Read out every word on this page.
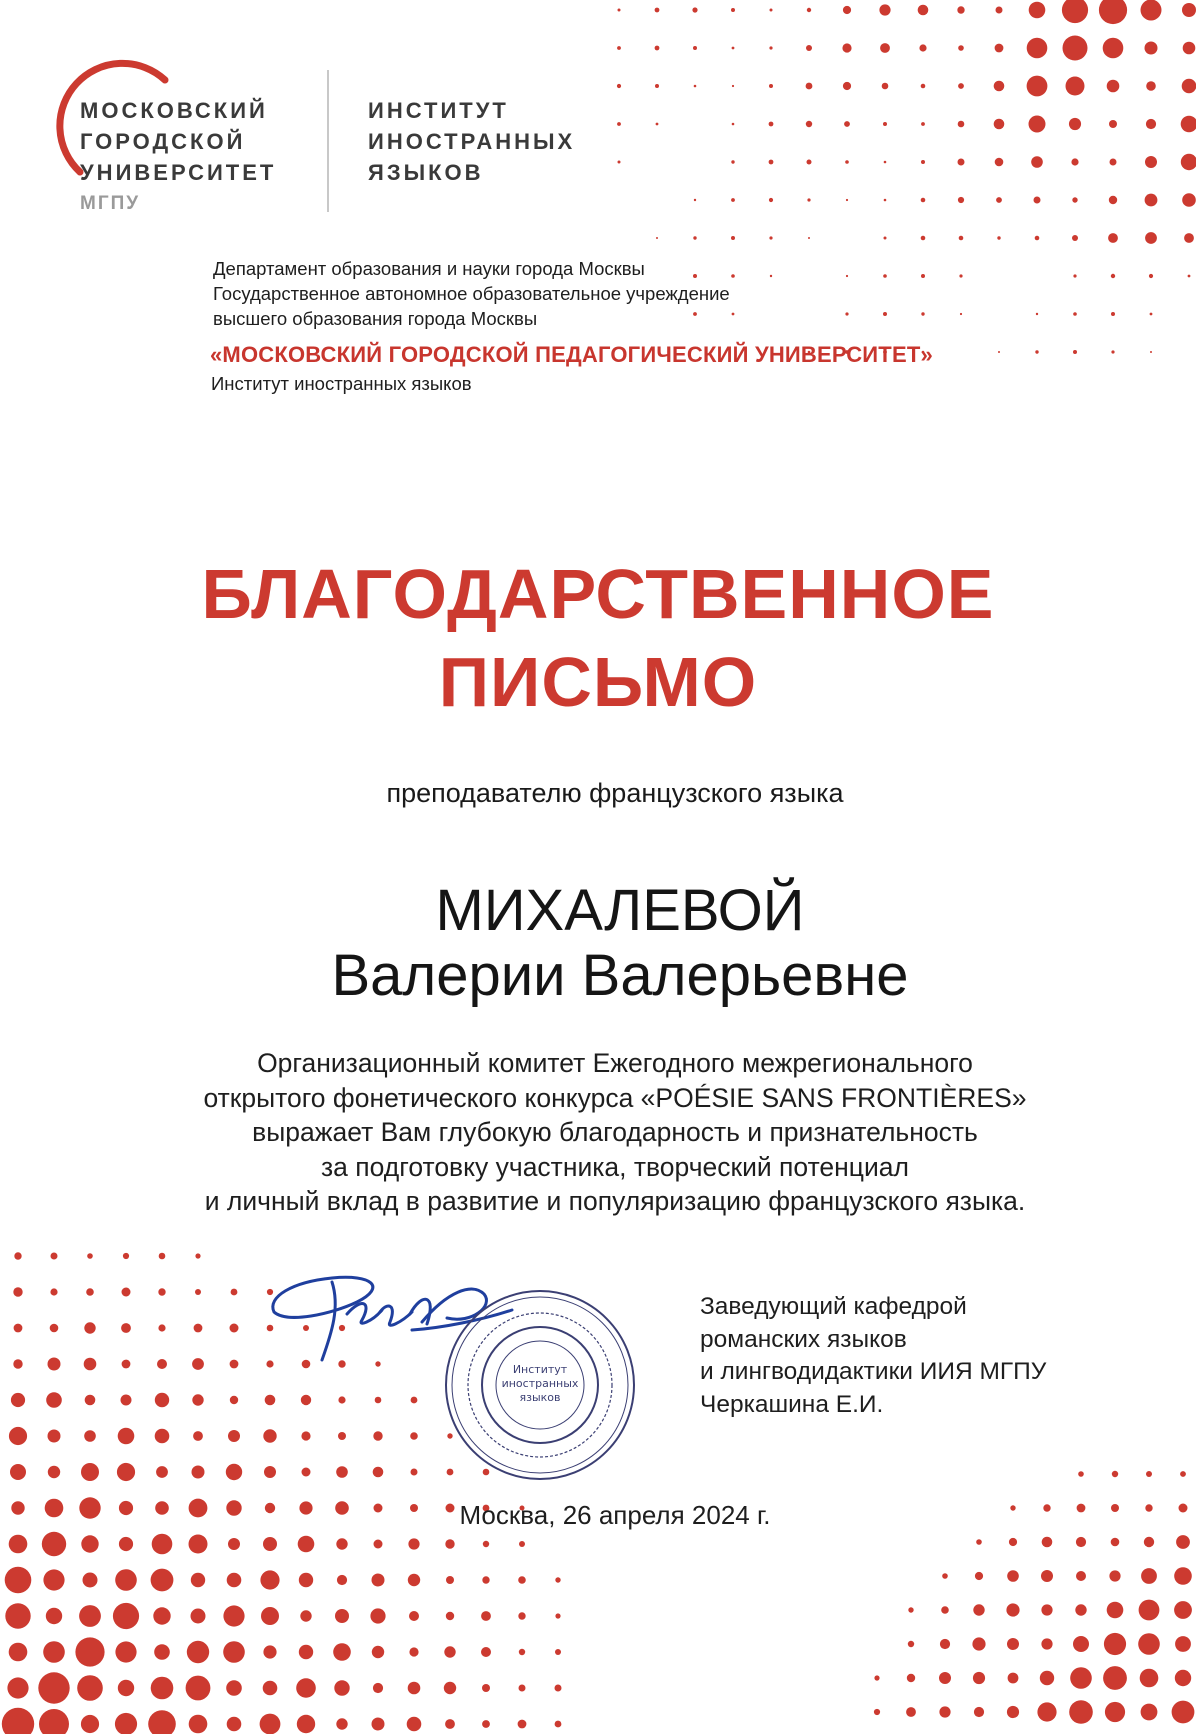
МОСКОВСКИЙ
ГОРОДСКОЙ
УНИВЕРСИТЕТ
МГПУ
ИНСТИТУТ
ИНОСТРАННЫХ
ЯЗЫКОВ
Департамент образования и науки города Москвы
Государственное автономное образовательное учреждение
высшего образования города Москвы
«МОСКОВСКИЙ ГОРОДСКОЙ ПЕДАГОГИЧЕСКИЙ УНИВЕРСИТЕТ»
Институт иностранных языков
БЛАГОДАРСТВЕННОЕ
ПИСЬМО
преподавателю французского языка
МИХАЛЕВОЙ
Валерии Валерьевне
Организационный комитет Ежегодного межрегионального
открытого фонетического конкурса «POÉSIE SANS FRONTIÈRES»
выражает Вам глубокую благодарность и признательность
за подготовку участника, творческий потенциал
и личный вклад в развитие и популяризацию французского языка.
Институт
иностранных
языков
Заведующий кафедрой
романских языков
и лингводидактики ИИЯ МГПУ
Черкашина Е.И.
Москва, 26 апреля 2024 г.
